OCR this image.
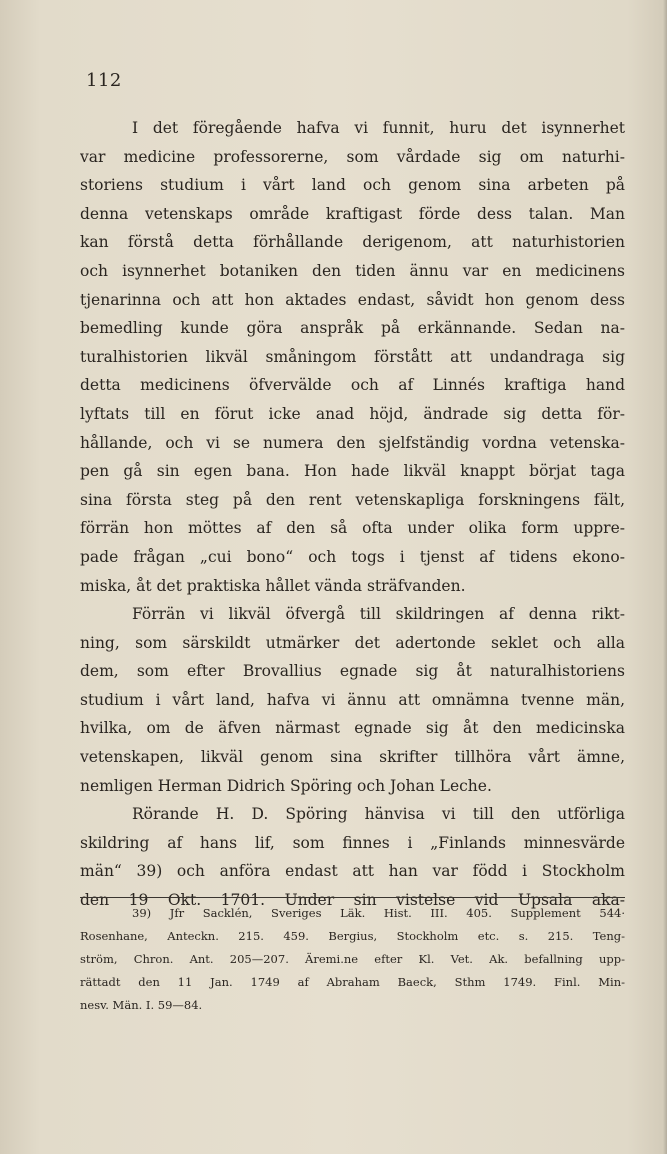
112
I det föregående hafva vi funnit, huru det isynnerhet
var medicine professorerne, som vårdade sig om naturhi-
storiens studium i vårt land och genom sina arbeten på
denna vetenskaps område kraftigast förde dess talan. Man
kan förstå detta förhållande derigenom, att naturhistorien
och isynnerhet botaniken den tiden ännu var en medicinens
tjenarinna och att hon aktades endast, såvidt hon genom dess
bemedling kunde göra anspråk på erkännande. Sedan na-
turalhistorien likväl småningom förstått att undandraga sig
detta medicinens öfvervälde och af Linnés kraftiga hand
lyftats till en förut icke anad höjd, ändrade sig detta för-
hållande, och vi se numera den sjelfständig vordna vetenska-
pen gå sin egen bana. Hon hade likväl knappt börjat taga
sina första steg på den rent vetenskapliga forskningens fält,
förrän hon möttes af den så ofta under olika form uppre-
pade frågan „cui bono“ och togs i tjenst af tidens ekono-
miska, åt det praktiska hållet vända sträfvanden.
Förrän vi likväl öfvergå till skildringen af denna rikt-
ning, som särskildt utmärker det adertonde seklet och alla
dem, som efter Brovallius egnade sig åt naturalhistoriens
studium i vårt land, hafva vi ännu att omnämna tvenne män,
hvilka, om de äfven närmast egnade sig åt den medicinska
vetenskapen, likväl genom sina skrifter tillhöra vårt ämne,
nemligen Herman Didrich Spöring och Johan Leche.
Rörande H. D. Spöring hänvisa vi till den utförliga
skildring af hans lif, som finnes i „Finlands minnesvärde
män“ 39) och anföra endast att han var född i Stockholm
den 19 Okt. 1701. Under sin vistelse vid Upsala aka-
39) Jfr Sacklén, Sveriges Läk. Hist. III. 405. Supplement 544·
Rosenhane, Anteckn. 215. 459. Bergius, Stockholm etc. s. 215. Teng-
ström, Chron. Ant. 205—207. Äremi.ne efter Kl. Vet. Ak. befallning upp-
rättadt den 11 Jan. 1749 af Abraham Baeck, Sthm 1749. Finl. Min-
nesv. Män. I. 59—84.
